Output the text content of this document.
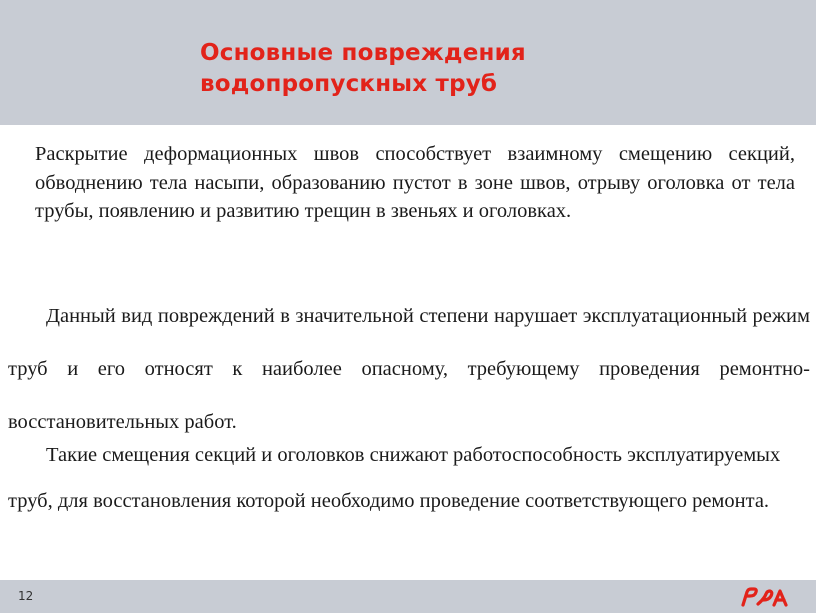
Основные повреждения водопропускных труб

Раскрытие деформационных швов способствует взаимному смещению секций, обводнению тела насыпи, образованию пустот в зоне швов, отрыву оголовка от тела трубы, появлению и развитию трещин в звеньях и оголовках.

Данный вид повреждений в значительной степени нарушает эксплуатационный режим труб и его относят к наиболее опасному, требующему проведения ремонтно-восстановительных работ.

Такие смещения секций и оголовков снижают работоспособность эксплуатируемых труб, для восстановления которой необходимо проведение соответствующего ремонта.

12
